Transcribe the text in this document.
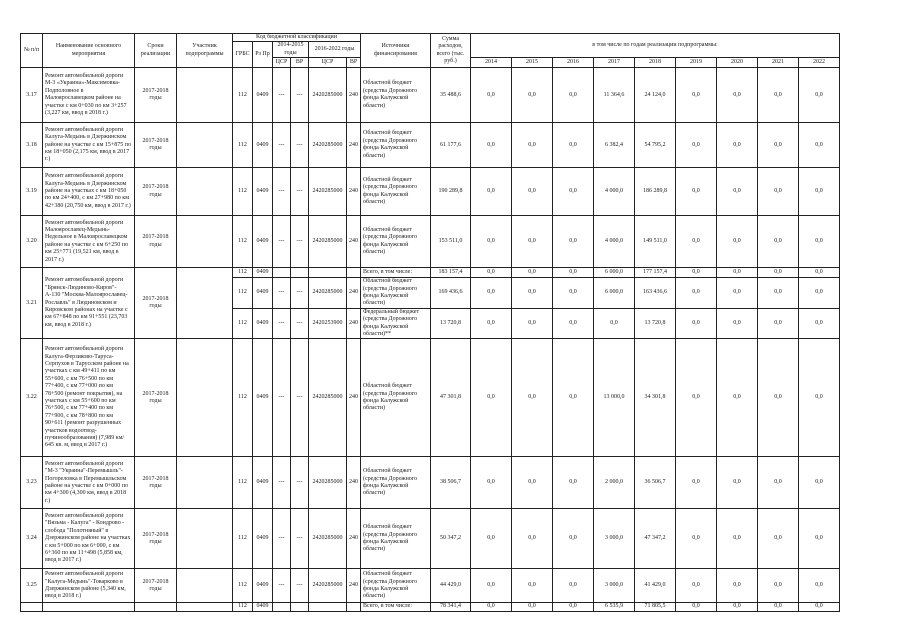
№ п/п	Наименование основного мероприятия	Сроки реализации	Участник подпрограммы	Код бюджетной классификации						Источники финансирования	Сумма расходов, всего (тыс. руб.)	в том числе по годам реализации подпрограммы:								
				ГРБС	Рз Пр	2014-2015 годы		2016-2022 годы												
						ЦСР	ВР	ЦСР	ВР			2014	2015	2016	2017	2018	2019	2020	2021	2022
3.17	Ремонт автомобильной дороги М-3 «Украина»-Максимовка-Подполовное в Малоярославецком районе на участке с км 0+030 по км 3+257 (3,227 км, ввод в 2018 г.)	2017-2018 годы		112	0409	---	---	2420285000	240	Областной бюджет (средства Дорожного фонда Калужской области)	35 488,6	0,0	0,0	0,0	11 364,6	24 124,0	0,0	0,0	0,0	0,0
3.18	Ремонт автомобильной дороги Калуга-Медынь в Дзержинском районе на участке с км 15+875 по км 18+050 (2,175 км, ввод в 2017 г.)	2017-2018 годы		112	0409	---	---	2420285000	240	Областной бюджет (средства Дорожного фонда Калужской области)	61 177,6	0,0	0,0	0,0	6 382,4	54 795,2	0,0	0,0	0,0	0,0
3.19	Ремонт автомобильной дороги Калуга-Медынь в Дзержинском районе на участках с км 18+050 по км 24+400, с км 27+980 по км 42+380 (20,750 км, ввод в 2017 г.)	2017-2018 годы		112	0409	---	---	2420285000	240	Областной бюджет (средства Дорожного фонда Калужской области)	190 289,8	0,0	0,0	0,0	4 000,0	186 289,8	0,0	0,0	0,0	0,0
3.20	Ремонт автомобильной дороги Малоярославец-Медынь-Недельное в Малоярославецком районе на участке с км 6+250 по км 25+771 (19,521 км, ввод в 2017 г.)	2017-2018 годы		112	0409	---	---	2420285000	240	Областной бюджет (средства Дорожного фонда Калужской области)	153 511,0	0,0	0,0	0,0	4 000,0	149 511,0	0,0	0,0	0,0	0,0
3.21	Ремонт автомобильной дороги "Брянск-Людиново-Киров"- А-130 "Москва-Малоярославец-Рославль" в Людиновском и Кировском районах на участке с км 67+848 по км 91+551 (23,703 км, ввод в 2018 г.)	2017-2018 годы		112	0409					Всего, в том числе:	183 157,4	0,0	0,0	0,0	6 000,0	177 157,4	0,0	0,0	0,0	0,0
				112	0409	---	---	2420285000	240	Областной бюджет (средства Дорожного фонда Калужской области)	169 436,6	0,0	0,0	0,0	6 000,0	163 436,6	0,0	0,0	0,0	0,0
				112	0409	---	---	2420253900	240	Федеральный бюджет (средства Дорожного фонда Калужской области)**	13 720,8	0,0	0,0	0,0	0,0	13 720,8	0,0	0,0	0,0	0,0
3.22	Ремонт автомобильной дороги Калуга-Ферзиково-Таруса-Серпухов в Тарусском районе на участках с км 49+411 по км 55+600, с км 76+500 по км 77+400, с км 77+000 по км 78+500 (ремонт покрытия), на участках с км 55+600 по км 76+500, с км 77+400 по км 77+900, с км 78+800 по км 90+611 (ремонт разрушенных участков водоотвод-пучинообразования) (7,989 км/ 645 кв. м, ввод в 2017 г.)	2017-2018 годы		112	0409	---	---	2420285000	240	Областной бюджет (средства Дорожного фонда Калужской области)	47 301,8	0,0	0,0	0,0	13 000,0	34 301,8	0,0	0,0	0,0	0,0
3.23	Ремонт автомобильной дороги "М-3 "Украина"-Перемышль"-Погореловка в Перемышльском районе на участке с км 0+000 по км 4+300 (4,300 км, ввод в 2018 г.)	2017-2018 годы		112	0409	---	---	2420285000	240	Областной бюджет (средства Дорожного фонда Калужской области)	38 506,7	0,0	0,0	0,0	2 000,0	36 506,7	0,0	0,0	0,0	0,0
3.24	Ремонт автомобильной дороги "Вязьма - Калуга" - Кондрово - слобода "Полотняный" в Дзержинском районе на участках с км 5+000 по км 6+000, с км 6+360 по км 11+498 (5,858 км, ввод в 2017 г.)	2017-2018 годы		112	0409	---	---	2420285000	240	Областной бюджет (средства Дорожного фонда Калужской области)	50 347,2	0,0	0,0	0,0	3 000,0	47 347,2	0,0	0,0	0,0	0,0
3.25	Ремонт автомобильной дороги "Калуга-Медынь"-Товарково в Дзержинском районе (5,340 км, ввод в 2018 г.)	2017-2018 годы		112	0409	---	---	2420285000	240	Областной бюджет (средства Дорожного фонда Калужской области)	44 429,0	0,0	0,0	0,0	3 000,0	41 429,0	0,0	0,0	0,0	0,0
				112	0409					Всего, в том числе:	78 341,4	0,0	0,0	0,0	6 535,9	71 805,5	0,0	0,0	0,0	0,0
